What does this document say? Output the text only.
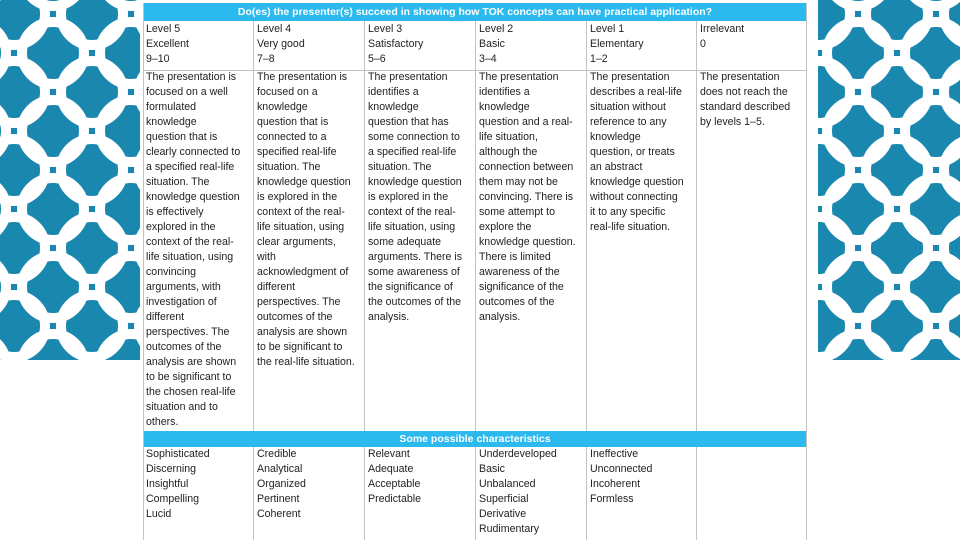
Do(es) the presenter(s) succeed in showing how TOK concepts can have practical application?

Level 5

Excellent

9–10

Level 4

Very good

7–8

Level 3

Satisfactory

5–6

Level 2

Basic

3–4

Level 1

Elementary

1–2

Irrelevant

0

The presentation is
focused on a well
formulated
knowledge
question that is
clearly connected to
a specified real-life
situation. The
knowledge question
is effectively
explored in the
context of the real-
life situation, using
convincing
arguments, with
investigation of
different
perspectives. The
outcomes of the
analysis are shown
to be significant to
the chosen real-life
situation and to
others.
The presentation is
focused on a
knowledge
question that is
connected to a
specified real-life
situation. The
knowledge question
is explored in the
context of the real-
life situation, using
clear arguments,
with
acknowledgment of
different
perspectives. The
outcomes of the
analysis are shown
to be significant to
the real-life situation.
The presentation
identifies a
knowledge
question that has
some connection to
a specified real-life
situation. The
knowledge question
is explored in the
context of the real-
life situation, using
some adequate
arguments. There is
some awareness of
the significance of
the outcomes of the
analysis.
The presentation
identifies a
knowledge
question and a real-
life situation,
although the
connection between
them may not be
convincing. There is
some attempt to
explore the
knowledge question.
There is limited
awareness of the
significance of the
outcomes of the
analysis.
The presentation
describes a real-life
situation without
reference to any
knowledge
question, or treats
an abstract
knowledge question
without connecting
it to any specific
real-life situation.
The presentation
does not reach the
standard described
by levels 1–5.
Some possible characteristics
Sophisticated
Discerning
Insightful
Compelling
Lucid
Credible
Analytical
Organized
Pertinent
Coherent
Relevant
Adequate
Acceptable
Predictable
Underdeveloped
Basic
Unbalanced
Superficial
Derivative
Rudimentary
Ineffective
Unconnected
Incoherent
Formless
